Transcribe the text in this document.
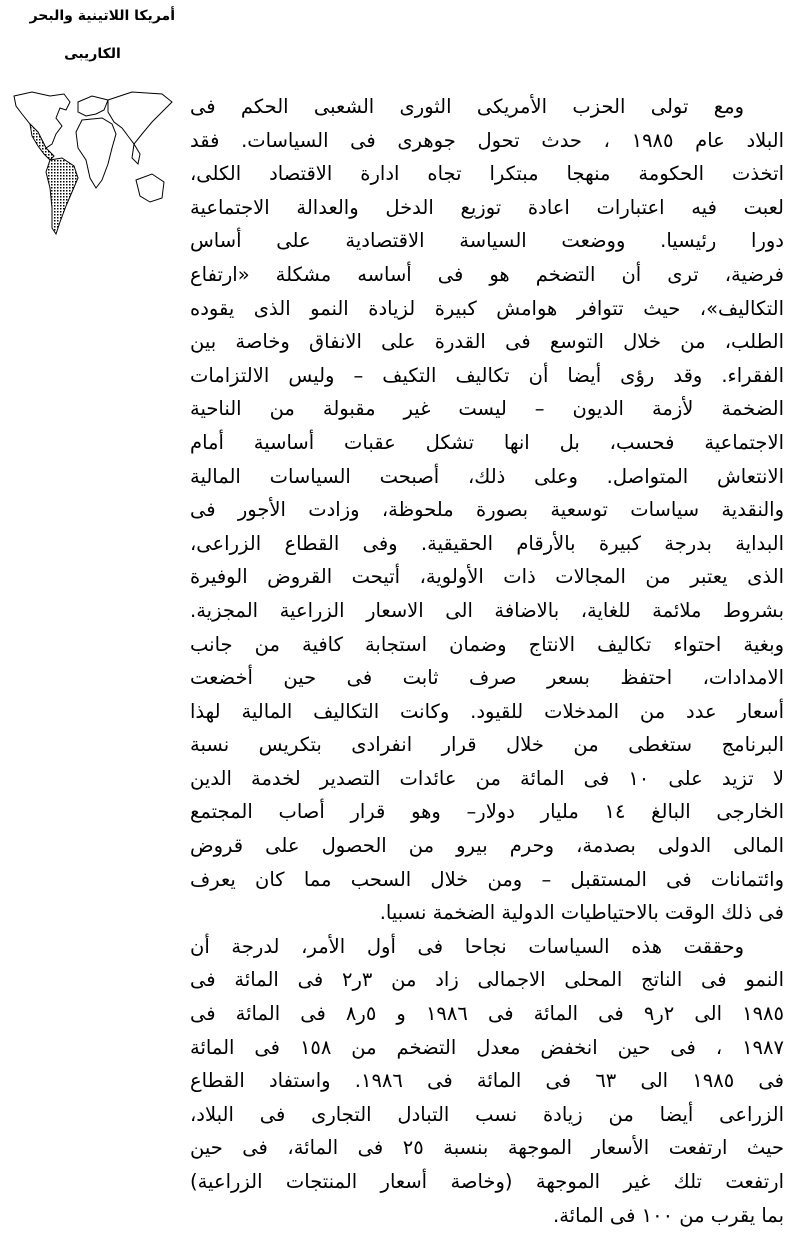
أمريكا اللاتينية والبحر
الكاريبى
ومع تولى الحزب الأمريكى الثورى الشعبى الحكم فى
البلاد عام ١٩٨٥ ، حدث تحول جوهرى فى السياسات. فقد
اتخذت الحكومة منهجا مبتكرا تجاه ادارة الاقتصاد الكلى،
لعبت فيه اعتبارات اعادة توزيع الدخل والعدالة الاجتماعية
دورا رئيسيا. ووضعت السياسة الاقتصادية على أساس
فرضية، ترى أن التضخم هو فى أساسه مشكلة «ارتفاع
التكاليف»، حيث تتوافر هوامش كبيرة لزيادة النمو الذى يقوده
الطلب، من خلال التوسع فى القدرة على الانفاق وخاصة بين
الفقراء. وقد رؤى أيضا أن تكاليف التكيف – وليس الالتزامات
الضخمة لأزمة الديون – ليست غير مقبولة من الناحية
الاجتماعية فحسب، بل انها تشكل عقبات أساسية أمام
الانتعاش المتواصل. وعلى ذلك، أصبحت السياسات المالية
والنقدية سياسات توسعية بصورة ملحوظة، وزادت الأجور فى
البداية بدرجة كبيرة بالأرقام الحقيقية. وفى القطاع الزراعى،
الذى يعتبر من المجالات ذات الأولوية، أتيحت القروض الوفيرة
بشروط ملائمة للغاية، بالاضافة الى الاسعار الزراعية المجزية.
وبغية احتواء تكاليف الانتاج وضمان استجابة كافية من جانب
الامدادات، احتفظ بسعر صرف ثابت فى حين أخضعت
أسعار عدد من المدخلات للقيود. وكانت التكاليف المالية لهذا
البرنامج ستغطى من خلال قرار انفرادى بتكريس نسبة
لا تزيد على ١٠ فى المائة من عائدات التصدير لخدمة الدين
الخارجى البالغ ١٤ مليار دولار– وهو قرار أصاب المجتمع
المالى الدولى بصدمة، وحرم بيرو من الحصول على قروض
وائتمانات فى المستقبل – ومن خلال السحب مما كان يعرف
فى ذلك الوقت بالاحتياطيات الدولية الضخمة نسبيا.
وحققت هذه السياسات نجاحا فى أول الأمر، لدرجة أن
النمو فى الناتج المحلى الاجمالى زاد من ٣ر٢ فى المائة فى
١٩٨٥ الى ٢ر٩ فى المائة فى ١٩٨٦ و ٥ر٨ فى المائة فى
١٩٨٧ ، فى حين انخفض معدل التضخم من ١٥٨ فى المائة
فى ١٩٨٥ الى ٦٣ فى المائة فى ١٩٨٦. واستفاد القطاع
الزراعى أيضا من زيادة نسب التبادل التجارى فى البلاد،
حيث ارتفعت الأسعار الموجهة بنسبة ٢٥ فى المائة، فى حين
ارتفعت تلك غير الموجهة (وخاصة أسعار المنتجات الزراعية)
بما يقرب من ١٠٠ فى المائة.
